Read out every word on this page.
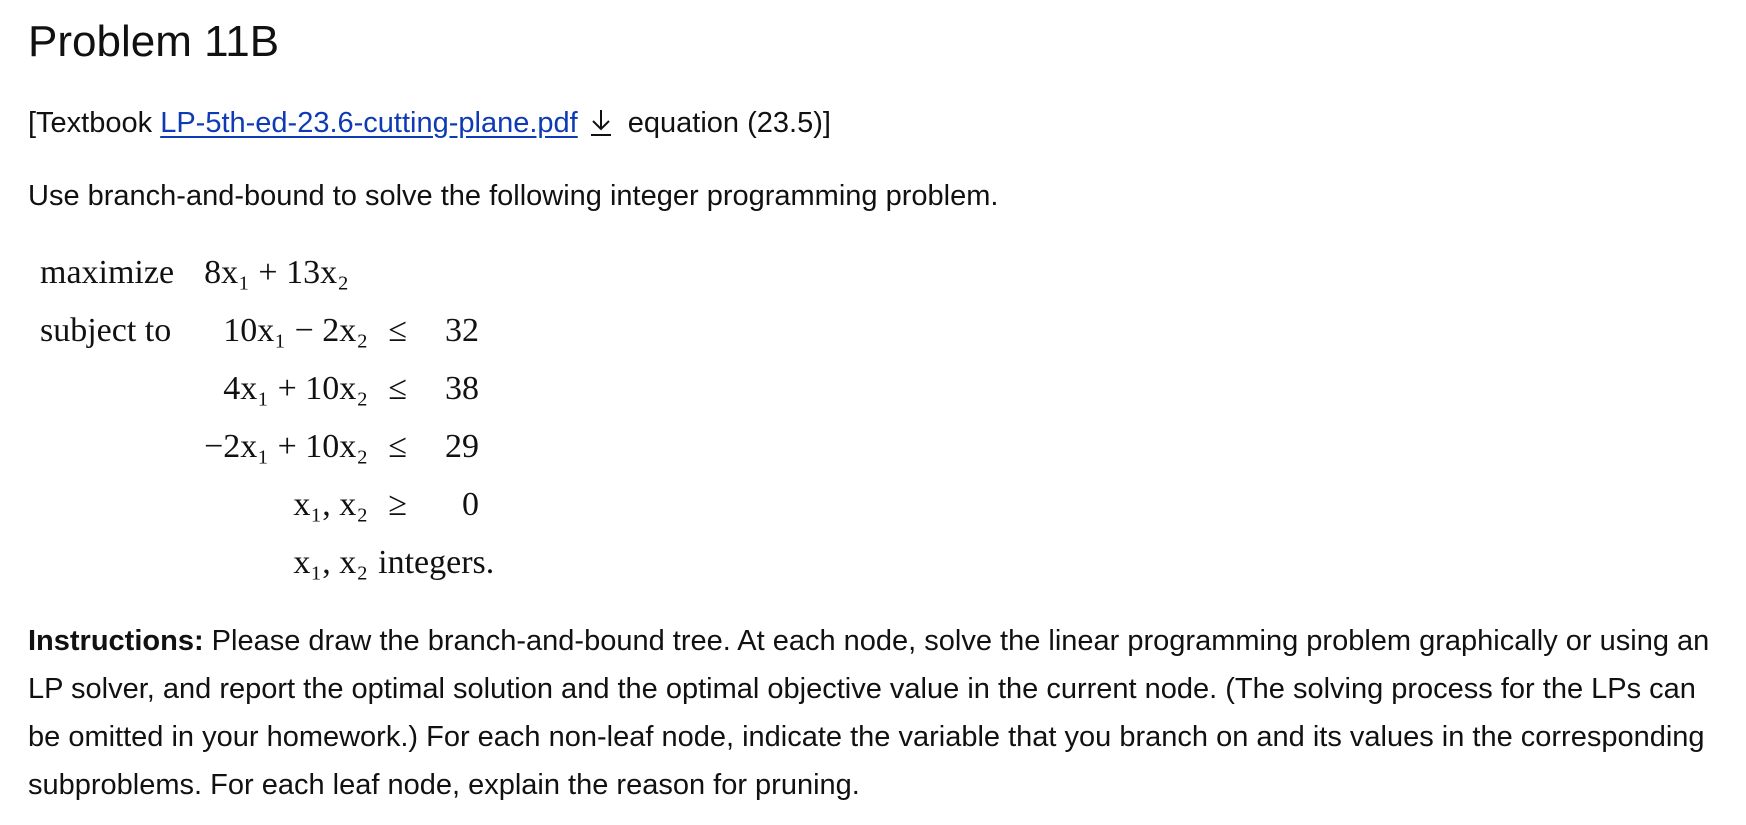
Problem 11B
[Textbook LP-5th-ed-23.6-cutting-plane.pdf equation (23.5)]
Use branch-and-bound to solve the following integer programming problem.
maximize	8x₁ + 13x₂			
subject to	10x₁ − 2x₂	≤	32	
	4x₁ + 10x₂	≤	38	
	−2x₁ + 10x₂	≤	29	
	x₁, x₂	≥	0	
	x₁, x₂	integers.		
Instructions: Please draw the branch-and-bound tree. At each node, solve the linear programming problem graphically or using an LP solver, and report the optimal solution and the optimal objective value in the current node. (The solving process for the LPs can be omitted in your homework.) For each non-leaf node, indicate the variable that you branch on and its values in the corresponding subproblems. For each leaf node, explain the reason for pruning.
